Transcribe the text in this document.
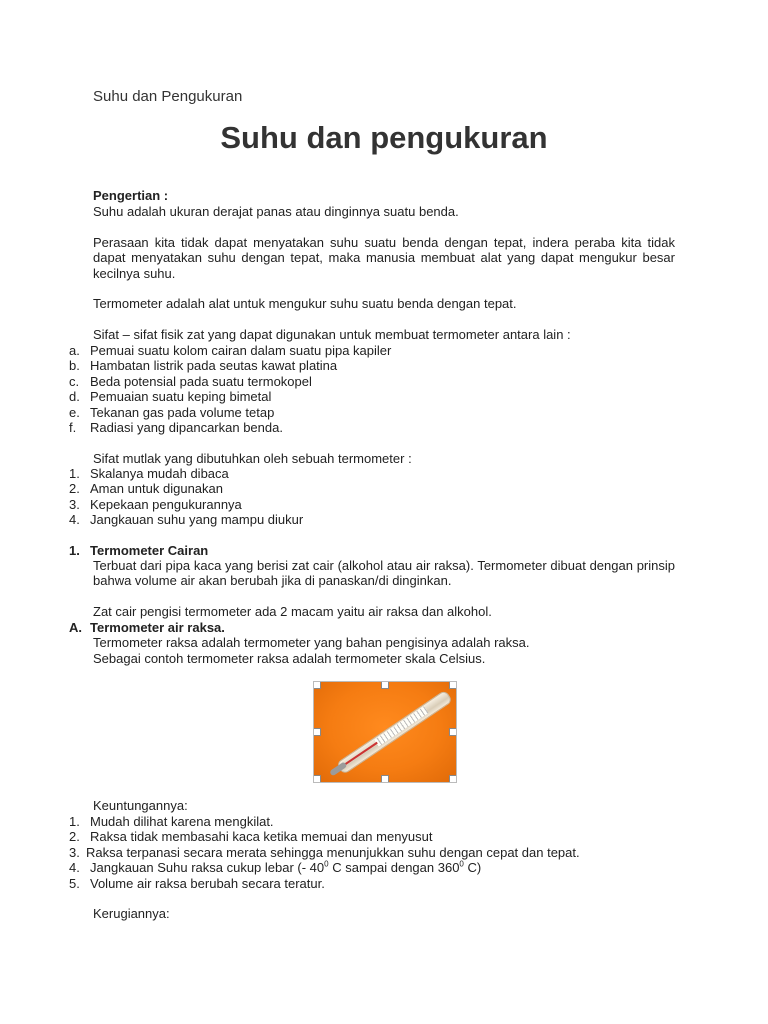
Suhu dan Pengukuran
Suhu dan pengukuran
Pengertian :
Suhu adalah ukuran derajat panas atau dinginnya suatu benda.
Perasaan kita tidak dapat menyatakan suhu suatu benda dengan tepat, indera peraba kita tidak dapat menyatakan suhu dengan tepat, maka manusia membuat alat yang dapat mengukur besar kecilnya suhu.
Termometer adalah alat untuk mengukur suhu suatu benda dengan tepat.
Sifat – sifat fisik zat yang dapat digunakan untuk membuat termometer antara lain :
a. Pemuai suatu kolom cairan dalam suatu pipa kapiler
b. Hambatan listrik pada seutas kawat platina
c. Beda potensial pada suatu termokopel
d. Pemuaian suatu keping bimetal
e. Tekanan gas pada volume tetap
f. Radiasi yang dipancarkan benda.
Sifat mutlak yang dibutuhkan oleh sebuah termometer :
1. Skalanya mudah dibaca
2. Aman untuk digunakan
3. Kepekaan pengukurannya
4. Jangkauan suhu yang mampu diukur
1. Termometer Cairan
Terbuat dari pipa kaca yang berisi zat cair (alkohol atau air raksa). Termometer dibuat dengan prinsip bahwa volume air akan berubah jika di panaskan/di dinginkan.
Zat cair pengisi termometer ada 2 macam yaitu air raksa dan alkohol.
A. Termometer air raksa.
Termometer raksa adalah termometer yang bahan pengisinya adalah raksa.
Sebagai contoh termometer raksa adalah termometer skala Celsius.
Keuntungannya:
1. Mudah dilihat karena mengkilat.
2. Raksa tidak membasahi kaca ketika memuai dan menyusut
3. Raksa terpanasi secara merata sehingga menunjukkan suhu dengan cepat dan tepat.
4. Jangkauan Suhu raksa cukup lebar (- $40^0$ C sampai dengan $360^0$ C)
5. Volume air raksa berubah secara teratur.
Kerugiannya:
